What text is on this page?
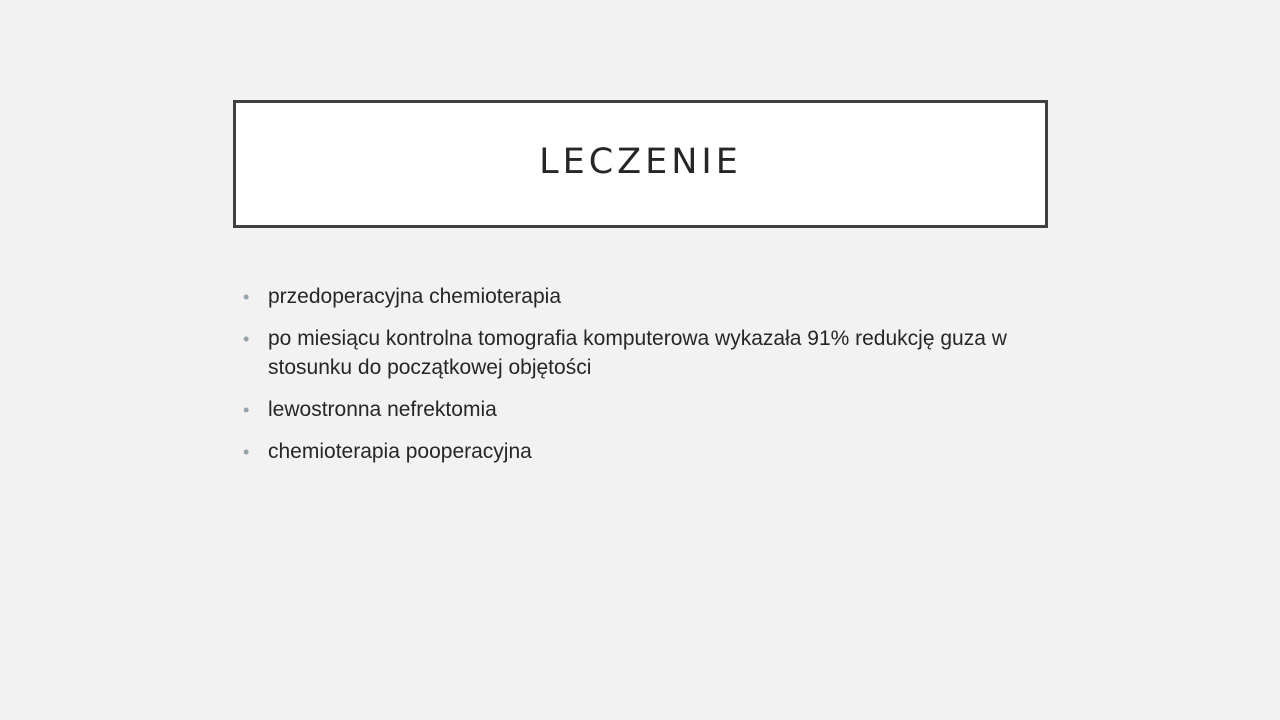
LECZENIE
• przedoperacyjna chemioterapia
• po miesiącu kontrolna tomografia komputerowa wykazała 91% redukcję guza w stosunku do początkowej objętości
• lewostronna nefrektomia
• chemioterapia pooperacyjna
